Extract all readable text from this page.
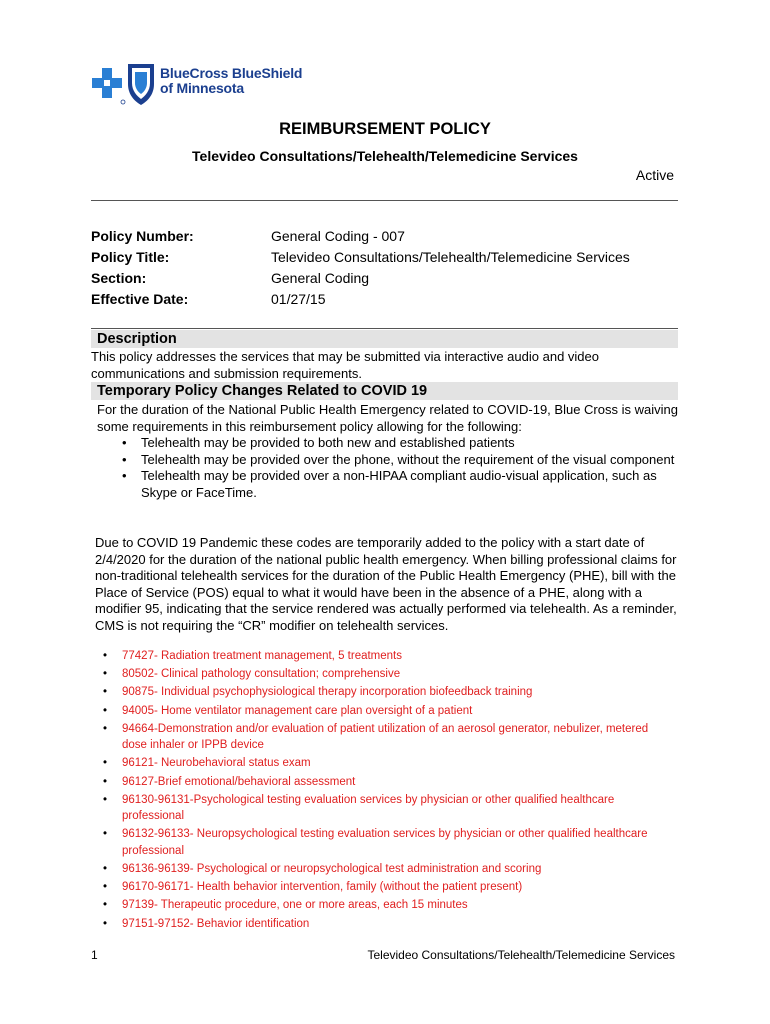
BlueCross BlueShield
of Minnesota
REIMBURSEMENT POLICY
Televideo Consultations/Telehealth/Telemedicine Services
Active
Policy Number:	General Coding - 007
Policy Title:	Televideo Consultations/Telehealth/Telemedicine Services
Section:	General Coding
Effective Date:	01/27/15
Description
This policy addresses the services that may be submitted via interactive audio and video communications and submission requirements.
Temporary Policy Changes Related to COVID 19
For the duration of the National Public Health Emergency related to COVID-19, Blue Cross is waiving some requirements in this reimbursement policy allowing for the following:
• Telehealth may be provided to both new and established patients
• Telehealth may be provided over the phone, without the requirement of the visual component
• Telehealth may be provided over a non-HIPAA compliant audio-visual application, such as Skype or FaceTime.
Due to COVID 19 Pandemic these codes are temporarily added to the policy with a start date of 2/4/2020 for the duration of the national public health emergency. When billing professional claims for non-traditional telehealth services for the duration of the Public Health Emergency (PHE), bill with the Place of Service (POS) equal to what it would have been in the absence of a PHE, along with a modifier 95, indicating that the service rendered was actually performed via telehealth. As a reminder, CMS is not requiring the “CR” modifier on telehealth services.
• 77427- Radiation treatment management, 5 treatments
• 80502- Clinical pathology consultation; comprehensive
• 90875- Individual psychophysiological therapy incorporation biofeedback training
• 94005- Home ventilator management care plan oversight of a patient
• 94664-Demonstration and/or evaluation of patient utilization of an aerosol generator, nebulizer, metered dose inhaler or IPPB device
• 96121- Neurobehavioral status exam
• 96127-Brief emotional/behavioral assessment
• 96130-96131-Psychological testing evaluation services by physician or other qualified healthcare professional
• 96132-96133- Neuropsychological testing evaluation services by physician or other qualified healthcare professional
• 96136-96139- Psychological or neuropsychological test administration and scoring
• 96170-96171- Health behavior intervention, family (without the patient present)
• 97139- Therapeutic procedure, one or more areas, each 15 minutes
• 97151-97152- Behavior identification
1	Televideo Consultations/Telehealth/Telemedicine Services
